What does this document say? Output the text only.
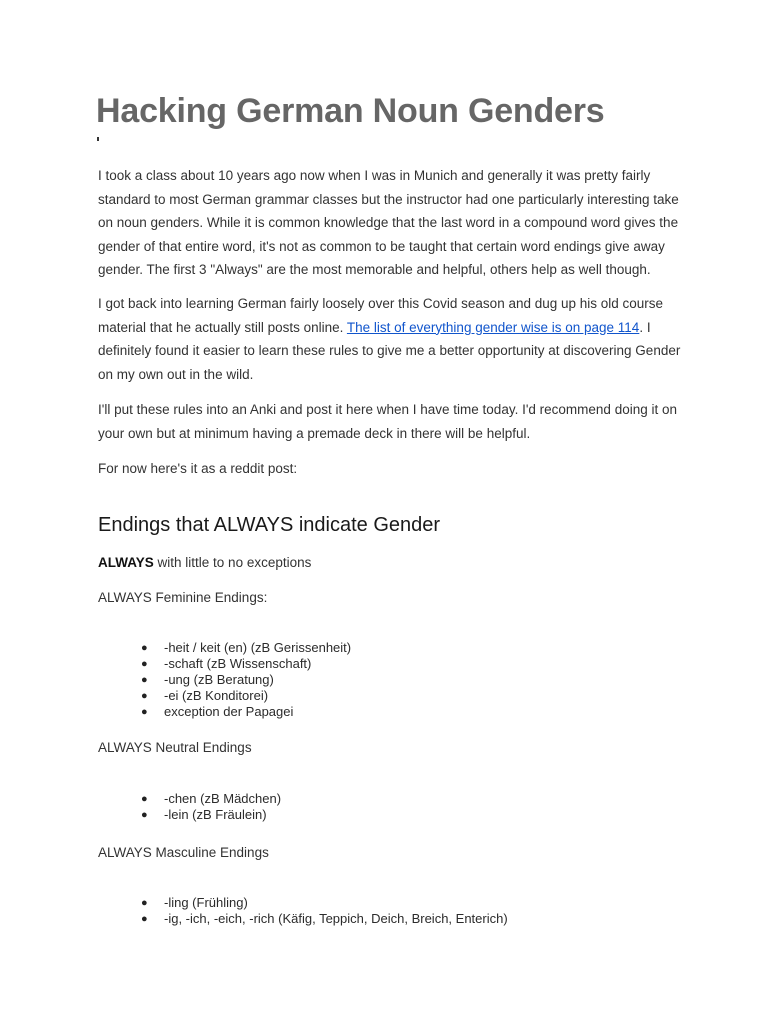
Hacking German Noun Genders

I took a class about 10 years ago now when I was in Munich and generally it was pretty fairly standard to most German grammar classes but the instructor had one particularly interesting take on noun genders. While it is common knowledge that the last word in a compound word gives the gender of that entire word, it's not as common to be taught that certain word endings give away gender. The first 3 "Always" are the most memorable and helpful, others help as well though.

I got back into learning German fairly loosely over this Covid season and dug up his old course material that he actually still posts online. The list of everything gender wise is on page 114. I definitely found it easier to learn these rules to give me a better opportunity at discovering Gender on my own out in the wild.

I'll put these rules into an Anki and post it here when I have time today. I'd recommend doing it on your own but at minimum having a premade deck in there will be helpful.

For now here's it as a reddit post:

Endings that ALWAYS indicate Gender

ALWAYS with little to no exceptions

ALWAYS Feminine Endings:

● -heit / keit (en) (zB Gerissenheit)
● -schaft (zB Wissenschaft)
● -ung (zB Beratung)
● -ei (zB Konditorei)
● exception der Papagei

ALWAYS Neutral Endings

● -chen (zB Mädchen)
● -lein (zB Fräulein)

ALWAYS Masculine Endings

● -ling (Frühling)
● -ig, -ich, -eich, -rich (Käfig, Teppich, Deich, Breich, Enterich)
